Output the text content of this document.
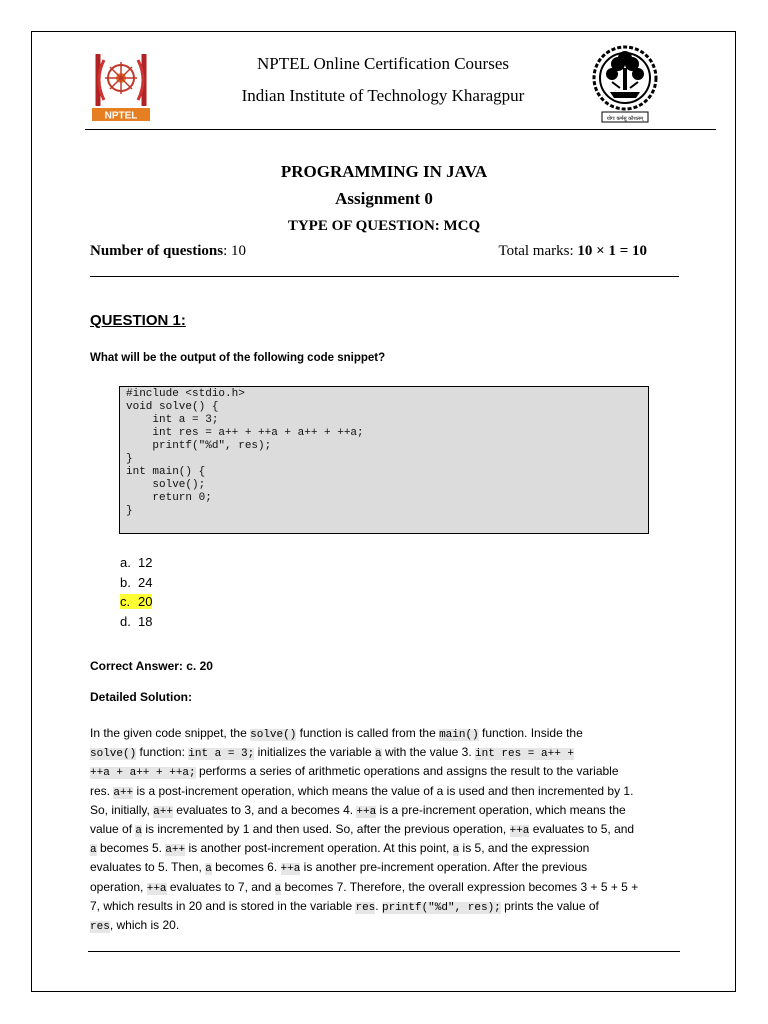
NPTEL
NPTEL Online Certification Courses
Indian Institute of Technology Kharagpur
योगः कर्मसु कौशलम्
PROGRAMMING IN JAVA
Assignment 0
TYPE OF QUESTION: MCQ
Number of questions: 10	Total marks: 10 × 1 = 10
QUESTION 1:
What will be the output of the following code snippet?
#include <stdio.h>
void solve() {
int a = 3;
int res = a++ + ++a + a++ + ++a;
printf("%d", res);
}
int main() {
solve();
return 0;
}
a. 12
b. 24
c. 20
d. 18
Correct Answer: c. 20
Detailed Solution:
In the given code snippet, the solve() function is called from the main() function. Inside the
solve() function: int a = 3; initializes the variable a with the value 3. int res = a++ +
++a + a++ + ++a; performs a series of arithmetic operations and assigns the result to the variable
res. a++ is a post-increment operation, which means the value of a is used and then incremented by 1.
So, initially, a++ evaluates to 3, and a becomes 4. ++a is a pre-increment operation, which means the
value of a is incremented by 1 and then used. So, after the previous operation, ++a evaluates to 5, and
a becomes 5. a++ is another post-increment operation. At this point, a is 5, and the expression
evaluates to 5. Then, a becomes 6. ++a is another pre-increment operation. After the previous
operation, ++a evaluates to 7, and a becomes 7. Therefore, the overall expression becomes 3 + 5 + 5 +
7, which results in 20 and is stored in the variable res. printf("%d", res); prints the value of
res, which is 20.
